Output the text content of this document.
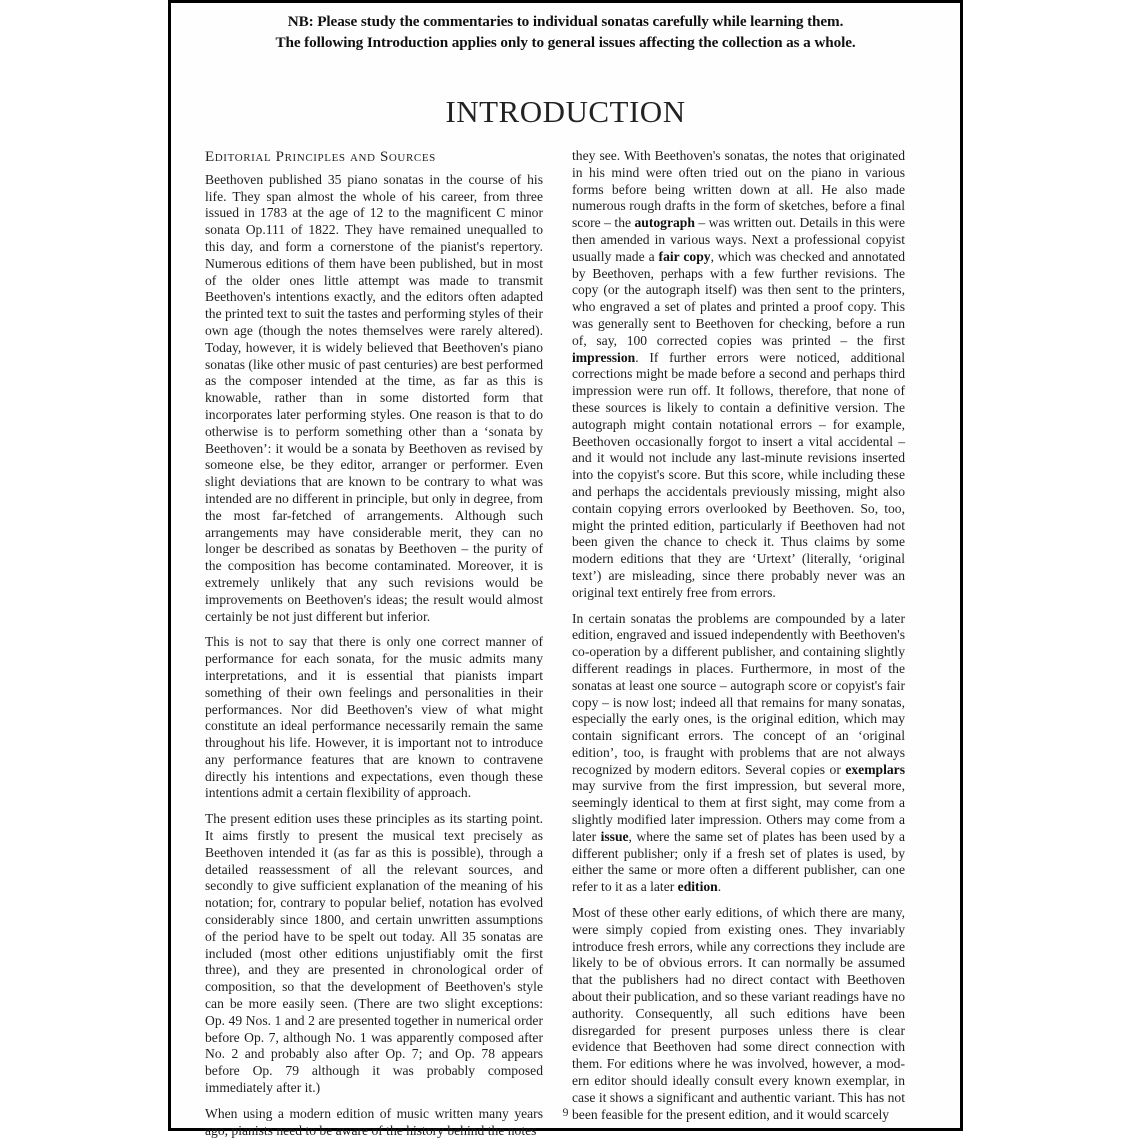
NB: Please study the commentaries to individual sonatas carefully while learning them.
The following Introduction applies only to general issues affecting the collection as a whole.
INTRODUCTION
Editorial Principles and Sources

Beethoven published 35 piano sonatas in the course of his life. They span almost the whole of his career, from three issued in 1783 at the age of 12 to the magnificent C minor sonata Op.111 of 1822. They have remained unequalled to this day, and form a cornerstone of the pianist's repertory. Numerous editions of them have been published, but in most of the older ones little attempt was made to transmit Beethoven's intentions exactly, and the editors often adapted the printed text to suit the tastes and performing styles of their own age (though the notes themselves were rarely altered). Today, however, it is widely believed that Beethoven's piano sonatas (like other music of past centuries) are best performed as the composer intended at the time, as far as this is knowable, rather than in some distorted form that incorporates later performing styles. One reason is that to do otherwise is to perform something other than a ‘sonata by Beethoven’: it would be a sonata by Beethoven as revised by someone else, be they editor, arranger or performer. Even slight deviations that are known to be contrary to what was intended are no different in principle, but only in degree, from the most far-fetched of arrangements. Although such arrangements may have considerable merit, they can no longer be described as sonatas by Beethoven – the purity of the composition has become contaminated. Moreover, it is extremely unlikely that any such revisions would be improvements on Beethoven's ideas; the result would almost certainly be not just different but inferior.

This is not to say that there is only one correct manner of performance for each sonata, for the music admits many interpretations, and it is essential that pianists impart something of their own feelings and personalities in their performances. Nor did Beethoven's view of what might constitute an ideal performance necessarily remain the same throughout his life. However, it is important not to introduce any performance features that are known to contravene directly his intentions and expectations, even though these intentions admit a certain flexibility of approach.

The present edition uses these principles as its starting point. It aims firstly to present the musical text precisely as Beethoven intended it (as far as this is possible), through a detailed reassessment of all the relevant sources, and secondly to give sufficient explanation of the meaning of his notation; for, contrary to popular belief, notation has evolved considerably since 1800, and certain unwritten assumptions of the period have to be spelt out today. All 35 sonatas are included (most other editions unjustifiably omit the first three), and they are presented in chronological order of composition, so that the development of Beethoven's style can be more easily seen. (There are two slight exceptions: Op. 49 Nos. 1 and 2 are presented together in numerical order before Op. 7, although No. 1 was apparently composed after No. 2 and probably also after Op. 7; and Op. 78 appears before Op. 79 although it was probably composed immediately after it.)

When using a modern edition of music written many years ago, pianists need to be aware of the history behind the notes

they see. With Beethoven's sonatas, the notes that originated in his mind were often tried out on the piano in various forms before being written down at all. He also made numerous rough drafts in the form of sketches, before a final score – the autograph – was written out. Details in this were then amended in various ways. Next a professional copyist usually made a fair copy, which was checked and annotated by Beethoven, perhaps with a few further revisions. The copy (or the autograph itself) was then sent to the printers, who engraved a set of plates and printed a proof copy. This was generally sent to Beethoven for checking, before a run of, say, 100 corrected copies was printed – the first impression. If further errors were noticed, additional corrections might be made before a second and perhaps third impression were run off. It follows, therefore, that none of these sources is likely to contain a definitive version. The autograph might contain notational errors – for example, Beethoven occasionally forgot to insert a vital accidental – and it would not include any last-minute revisions inserted into the copyist's score. But this score, while including these and perhaps the accidentals previously missing, might also contain copying errors overlooked by Beethoven. So, too, might the printed edition, particularly if Beethoven had not been given the chance to check it. Thus claims by some modern editions that they are ‘Urtext’ (literally, ‘original text’) are misleading, since there probably never was an original text entirely free from errors.

In certain sonatas the problems are compounded by a later edition, engraved and issued independently with Beethoven's co-operation by a different publisher, and containing slightly different readings in places. Furthermore, in most of the sonatas at least one source – autograph score or copyist's fair copy – is now lost; indeed all that remains for many sonatas, especially the early ones, is the original edition, which may contain significant errors. The concept of an ‘original edition’, too, is fraught with problems that are not always recognized by modern editors. Several copies or exemplars may survive from the first impression, but several more, seemingly identical to them at first sight, may come from a slightly modified later impression. Others may come from a later issue, where the same set of plates has been used by a different publisher; only if a fresh set of plates is used, by either the same or more often a different publisher, can one refer to it as a later edition.

Most of these other early editions, of which there are many, were simply copied from existing ones. They invariably introduce fresh errors, while any corrections they include are likely to be of obvious errors. It can normally be assumed that the publishers had no direct contact with Beethoven about their publication, and so these variant readings have no authority. Consequently, all such editions have been disregarded for present purposes unless there is clear evidence that Beethoven had some direct connection with them. For editions where he was involved, however, a modern editor should ideally consult every known exemplar, in case it shows a significant and authentic variant. This has not been feasible for the present edition, and it would scarcely

9
